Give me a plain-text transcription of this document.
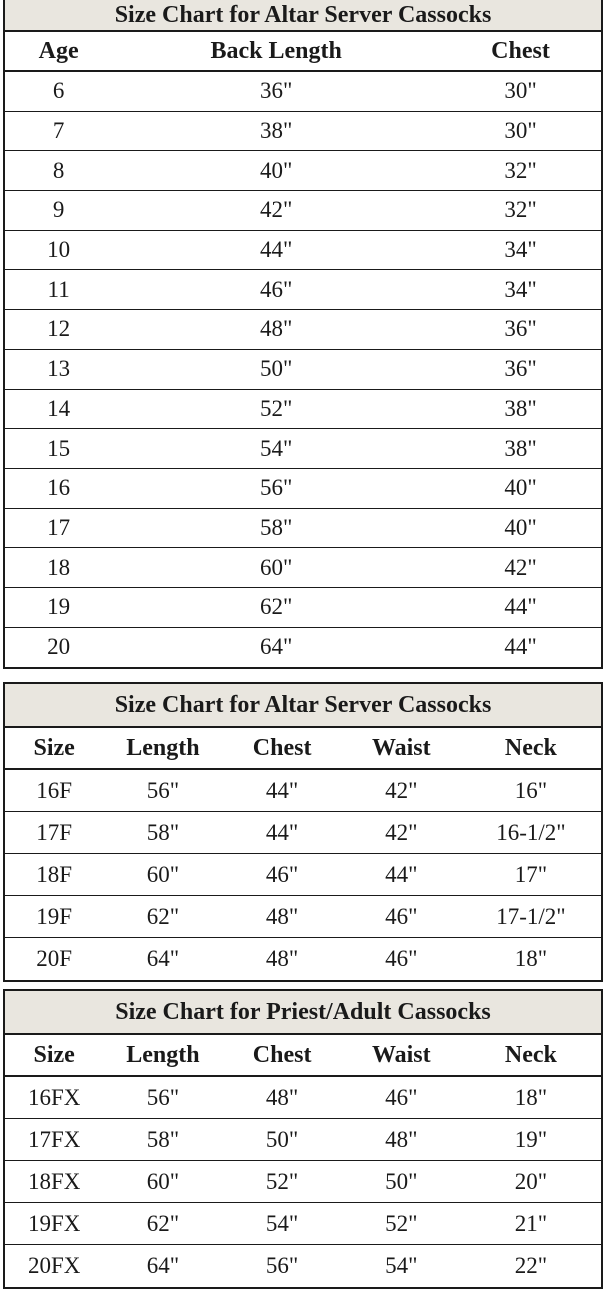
Size Chart for Altar Server Cassocks
Age	Back Length	Chest
6	36"	30"
7	38"	30"
8	40"	32"
9	42"	32"
10	44"	34"
11	46"	34"
12	48"	36"
13	50"	36"
14	52"	38"
15	54"	38"
16	56"	40"
17	58"	40"
18	60"	42"
19	62"	44"
20	64"	44"
Size Chart for Altar Server Cassocks
Size	Length	Chest	Waist	Neck
16F	56"	44"	42"	16"
17F	58"	44"	42"	16-1/2"
18F	60"	46"	44"	17"
19F	62"	48"	46"	17-1/2"
20F	64"	48"	46"	18"
Size Chart for Priest/Adult Cassocks
Size	Length	Chest	Waist	Neck
16FX	56"	48"	46"	18"
17FX	58"	50"	48"	19"
18FX	60"	52"	50"	20"
19FX	62"	54"	52"	21"
20FX	64"	56"	54"	22"
